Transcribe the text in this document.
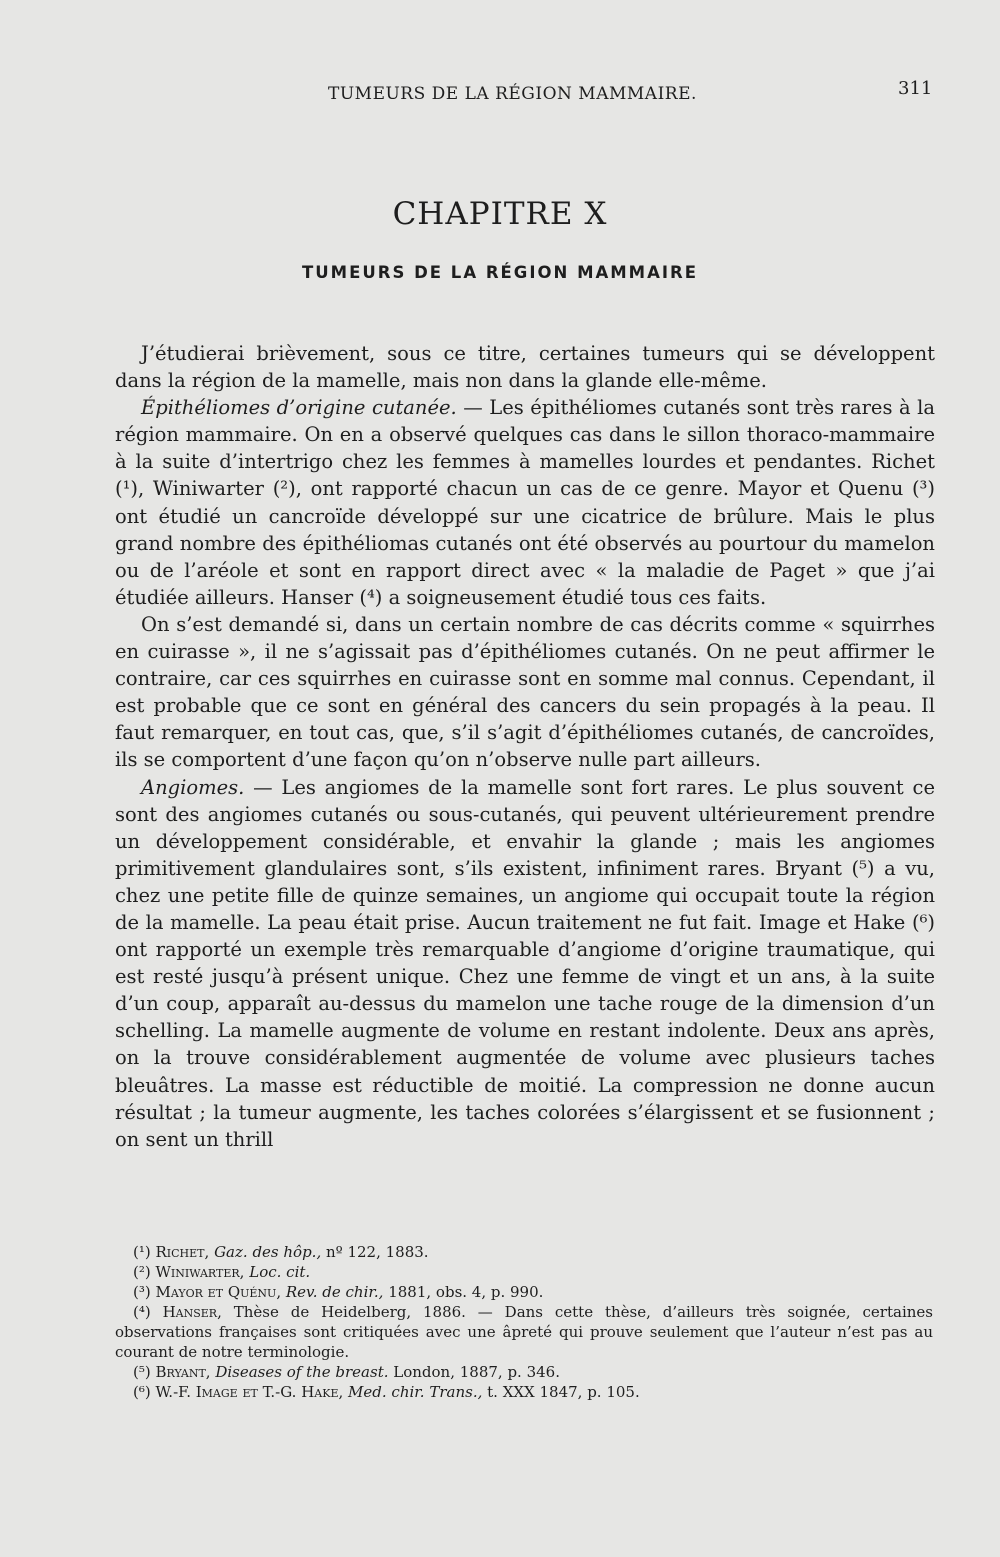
TUMEURS DE LA RÉGION MAMMAIRE.	311
CHAPITRE X
TUMEURS DE LA RÉGION MAMMAIRE

J’étudierai brièvement, sous ce titre, certaines tumeurs qui se développent dans la région de la mamelle, mais non dans la glande elle-même.

Épithéliomes d’origine cutanée. — Les épithéliomes cutanés sont très rares à la région mammaire. On en a observé quelques cas dans le sillon thoraco-mammaire à la suite d’intertrigo chez les femmes à mamelles lourdes et pendantes. Richet (¹), Winiwarter (²), ont rapporté chacun un cas de ce genre. Mayor et Quenu (³) ont étudié un cancroïde développé sur une cicatrice de brûlure. Mais le plus grand nombre des épithéliomas cutanés ont été observés au pourtour du mamelon ou de l’aréole et sont en rapport direct avec « la maladie de Paget » que j’ai étudiée ailleurs. Hanser (⁴) a soigneusement étudié tous ces faits.

On s’est demandé si, dans un certain nombre de cas décrits comme « squirrhes en cuirasse », il ne s’agissait pas d’épithéliomes cutanés. On ne peut affirmer le contraire, car ces squirrhes en cuirasse sont en somme mal connus. Cependant, il est probable que ce sont en général des cancers du sein propagés à la peau. Il faut remarquer, en tout cas, que, s’il s’agit d’épithéliomes cutanés, de cancroïdes, ils se comportent d’une façon qu’on n’observe nulle part ailleurs.

Angiomes. — Les angiomes de la mamelle sont fort rares. Le plus souvent ce sont des angiomes cutanés ou sous-cutanés, qui peuvent ultérieurement prendre un développement considérable, et envahir la glande ; mais les angiomes primitivement glandulaires sont, s’ils existent, infiniment rares. Bryant (⁵) a vu, chez une petite fille de quinze semaines, un angiome qui occupait toute la région de la mamelle. La peau était prise. Aucun traitement ne fut fait. Image et Hake (⁶) ont rapporté un exemple très remarquable d’angiome d’origine traumatique, qui est resté jusqu’à présent unique. Chez une femme de vingt et un ans, à la suite d’un coup, apparaît au-dessus du mamelon une tache rouge de la dimension d’un schelling. La mamelle augmente de volume en restant indolente. Deux ans après, on la trouve considérablement augmentée de volume avec plusieurs taches bleuâtres. La masse est réductible de moitié. La compression ne donne aucun résultat ; la tumeur augmente, les taches colorées s’élargissent et se fusionnent ; on sent un thrill

(¹) Richet, Gaz. des hôp., nº 122, 1883.

(²) Winiwarter, Loc. cit.

(³) Mayor et Quénu, Rev. de chir., 1881, obs. 4, p. 990.

(⁴) Hanser, Thèse de Heidelberg, 1886. — Dans cette thèse, d’ailleurs très soignée, certaines observations françaises sont critiquées avec une âpreté qui prouve seulement que l’auteur n’est pas au courant de notre terminologie.

(⁵) Bryant, Diseases of the breast. London, 1887, p. 346.

(⁶) W.-F. Image et T.-G. Hake, Med. chir. Trans., t. XXX 1847, p. 105.
